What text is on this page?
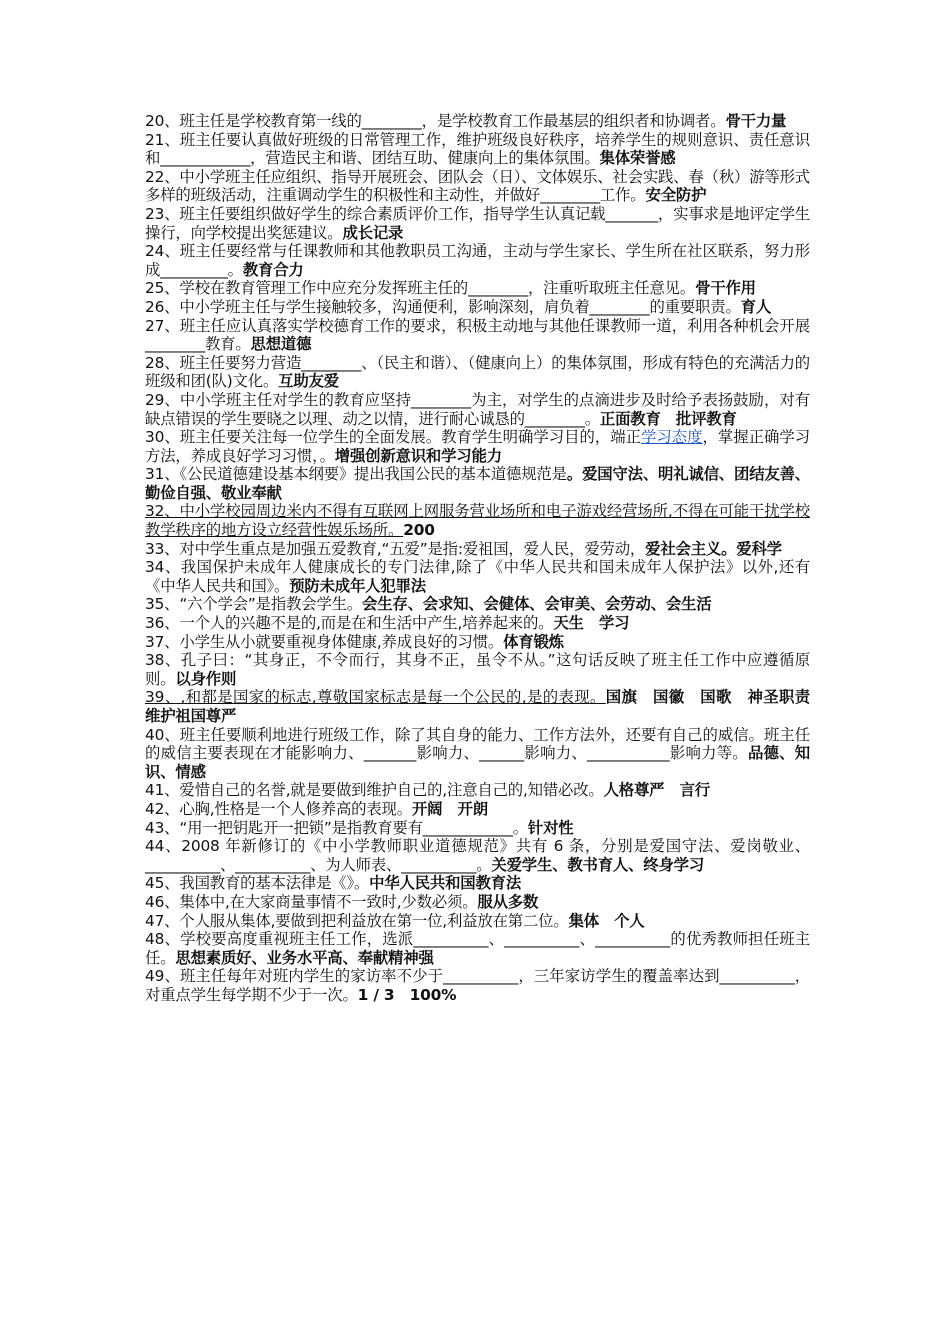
20、班主任是学校教育第一线的________，是学校教育工作最基层的组织者和协调者。骨干力量

21、班主任要认真做好班级的日常管理工作，维护班级良好秩序，培养学生的规则意识、责任意识和____________，营造民主和谐、团结互助、健康向上的集体氛围。集体荣誉感

22、中小学班主任应组织、指导开展班会、团队会（日）、文体娱乐、社会实践、春（秋）游等形式多样的班级活动，注重调动学生的积极性和主动性，并做好________工作。安全防护

23、班主任要组织做好学生的综合素质评价工作，指导学生认真记载_______，实事求是地评定学生操行，向学校提出奖惩建议。成长记录

24、班主任要经常与任课教师和其他教职员工沟通，主动与学生家长、学生所在社区联系，努力形成_________。教育合力

25、学校在教育管理工作中应充分发挥班主任的________，注重听取班主任意见。骨干作用

26、中小学班主任与学生接触较多，沟通便利，影响深刻，肩负着________的重要职责。育人

27、班主任应认真落实学校德育工作的要求，积极主动地与其他任课教师一道，利用各种机会开展________教育。思想道德

28、班主任要努力营造________、（民主和谐）、（健康向上）的集体氛围，形成有特色的充满活力的班级和团(队)文化。互助友爱

29、中小学班主任对学生的教育应坚持________为主，对学生的点滴进步及时给予表扬鼓励，对有缺点错误的学生要晓之以理、动之以情，进行耐心诚恳的________。正面教育　批评教育

30、班主任要关注每一位学生的全面发展。教育学生明确学习目的，端正学习态度，掌握正确学习方法，养成良好学习习惯，。增强创新意识和学习能力

31、《公民道德建设基本纲要》提出我国公民的基本道德规范是。爱国守法、明礼诚信、团结友善、勤俭自强、敬业奉献

32、中小学校园周边米内不得有互联网上网服务营业场所和电子游戏经营场所,不得在可能干扰学校教学秩序的地方设立经营性娱乐场所。200

33、对中学生重点是加强五爱教育,“五爱”是指:爱祖国，爱人民，爱劳动，爱社会主义。爱科学

34、我国保护未成年人健康成长的专门法律,除了《中华人民共和国未成年人保护法》以外,还有《中华人民共和国》。预防未成年人犯罪法

35、“六个学会”是指教会学生。会生存、会求知、会健体、会审美、会劳动、会生活

36、一个人的兴趣不是的,而是在和生活中产生,培养起来的。天生　学习

37、小学生从小就要重视身体健康,养成良好的习惯。体育锻炼

38、孔子曰：“其身正，不令而行，其身不正，虽令不从。”这句话反映了班主任工作中应遵循原则。以身作则

39、,和都是国家的标志,尊敬国家标志是每一个公民的,是的表现。国旗　国徽　国歌　神圣职责　维护祖国尊严

40、班主任要顺利地进行班级工作，除了其自身的能力、工作方法外，还要有自己的威信。班主任的威信主要表现在才能影响力、_______影响力、______影响力、___________影响力等。品德、知识、情感

41、爱惜自己的名誉,就是要做到维护自己的,注意自己的,知错必改。人格尊严　言行

42、心胸,性格是一个人修养高的表现。开阔　开朗

43、“用一把钥匙开一把锁”是指教育要有____________。针对性

44、2008 年新修订的《中小学教师职业道德规范》共有 6 条，分别是爱国守法、爱岗敬业、__________、__________、为人师表、__________。关爱学生、教书育人、终身学习

45、我国教育的基本法律是《》。中华人民共和国教育法

46、集体中,在大家商量事情不一致时,少数必须。服从多数

47、个人服从集体,要做到把利益放在第一位,利益放在第二位。集体　个人

48、学校要高度重视班主任工作，选派__________、__________、__________的优秀教师担任班主任。思想素质好、业务水平高、奉献精神强

49、班主任每年对班内学生的家访率不少于__________，三年家访学生的覆盖率达到__________，对重点学生每学期不少于一次。1 / 3　100%
